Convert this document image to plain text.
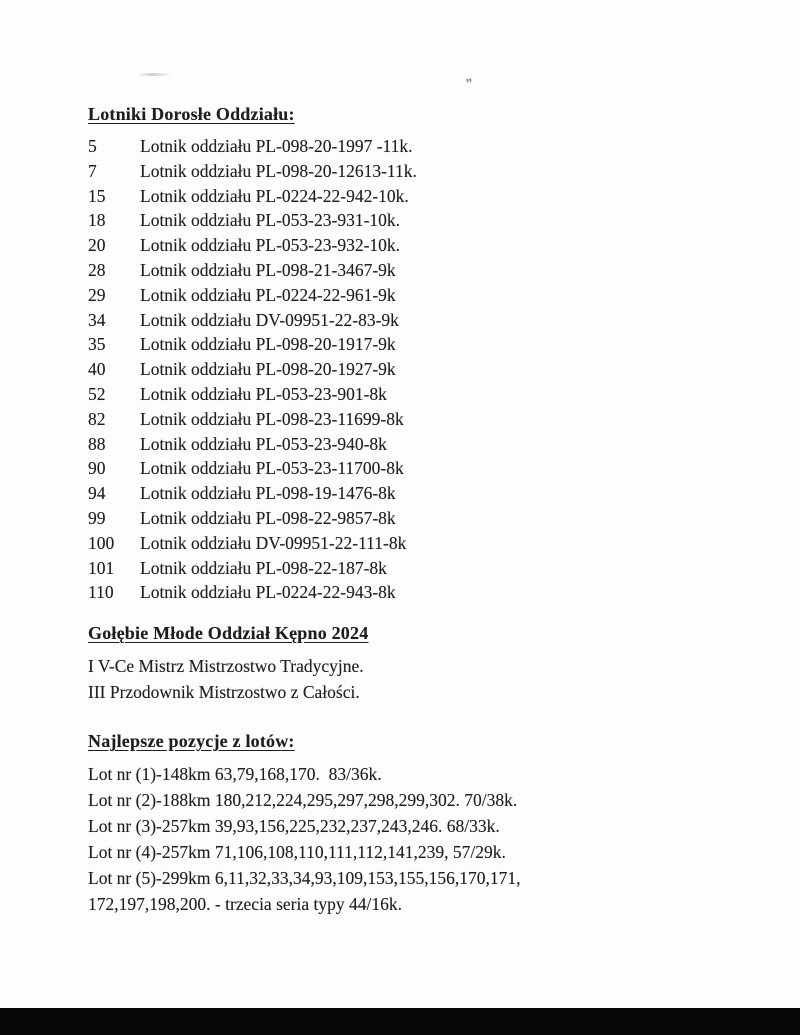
❞
Lotniki Dorosłe Oddziału:
5	Lotnik oddziału PL-098-20-1997 -11k.
7	Lotnik oddziału PL-098-20-12613-11k.
15	Lotnik oddziału PL-0224-22-942-10k.
18	Lotnik oddziału PL-053-23-931-10k.
20	Lotnik oddziału PL-053-23-932-10k.
28	Lotnik oddziału PL-098-21-3467-9k
29	Lotnik oddziału PL-0224-22-961-9k
34	Lotnik oddziału DV-09951-22-83-9k
35	Lotnik oddziału PL-098-20-1917-9k
40	Lotnik oddziału PL-098-20-1927-9k
52	Lotnik oddziału PL-053-23-901-8k
82	Lotnik oddziału PL-098-23-11699-8k
88	Lotnik oddziału PL-053-23-940-8k
90	Lotnik oddziału PL-053-23-11700-8k
94	Lotnik oddziału PL-098-19-1476-8k
99	Lotnik oddziału PL-098-22-9857-8k
100	Lotnik oddziału DV-09951-22-111-8k
101	Lotnik oddziału PL-098-22-187-8k
110	Lotnik oddziału PL-0224-22-943-8k
Gołębie Młode Oddział Kępno 2024
I V-Ce Mistrz Mistrzostwo Tradycyjne.
III Przodownik Mistrzostwo z Całości.
Najlepsze pozycje z lotów:
Lot nr (1)-148km 63,79,168,170.  83/36k.
Lot nr (2)-188km 180,212,224,295,297,298,299,302. 70/38k.
Lot nr (3)-257km 39,93,156,225,232,237,243,246. 68/33k.
Lot nr (4)-257km 71,106,108,110,111,112,141,239, 57/29k.
Lot nr (5)-299km 6,11,32,33,34,93,109,153,155,156,170,171,
172,197,198,200. - trzecia seria typy 44/16k.
